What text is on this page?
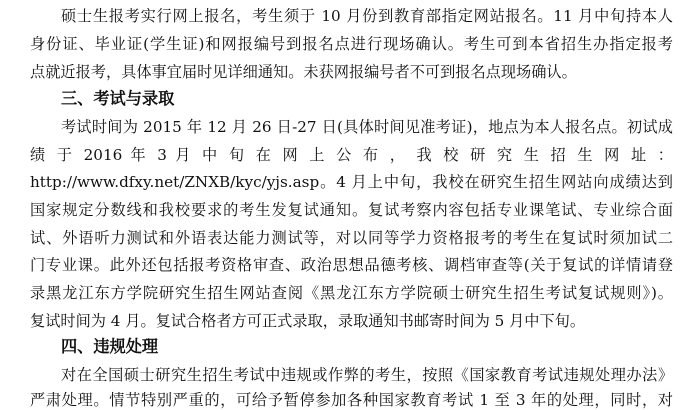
硕士生报考实行网上报名，考生须于 10 月份到教育部指定网站报名。11 月中旬持本人
身份证、毕业证(学生证)和网报编号到报名点进行现场确认。考生可到本省招生办指定报考
点就近报考，具体事宜届时见详细通知。未获网报编号者不可到报名点现场确认。
三、考试与录取
考试时间为 2015 年 12 月 26 日-27 日(具体时间见准考证)，地点为本人报名点。初试成
绩 于 2016 年 3 月 中 旬 在 网 上 公 布 ， 我 校 研 究 生 招 生 网 址 ：
http://www.dfxy.net/ZNXB/kyc/yjs.asp。4 月上中旬，我校在研究生招生网站向成绩达到
国家规定分数线和我校要求的考生发复试通知。复试考察内容包括专业课笔试、专业综合面
试、外语听力测试和外语表达能力测试等，对以同等学力资格报考的考生在复试时须加试二
门专业课。此外还包括报考资格审查、政治思想品德考核、调档审查等(关于复试的详情请登
录黑龙江东方学院研究生招生网站查阅《黑龙江东方学院硕士研究生招生考试复试规则》)。
复试时间为 4 月。复试合格者方可正式录取，录取通知书邮寄时间为 5 月中下旬。
四、违规处理
对在全国硕士研究生招生考试中违规或作弊的考生，按照《国家教育考试违规处理办法》
严肃处理。情节特别严重的，可给予暂停参加各种国家教育考试 1 至 3 年的处理，同时，对
